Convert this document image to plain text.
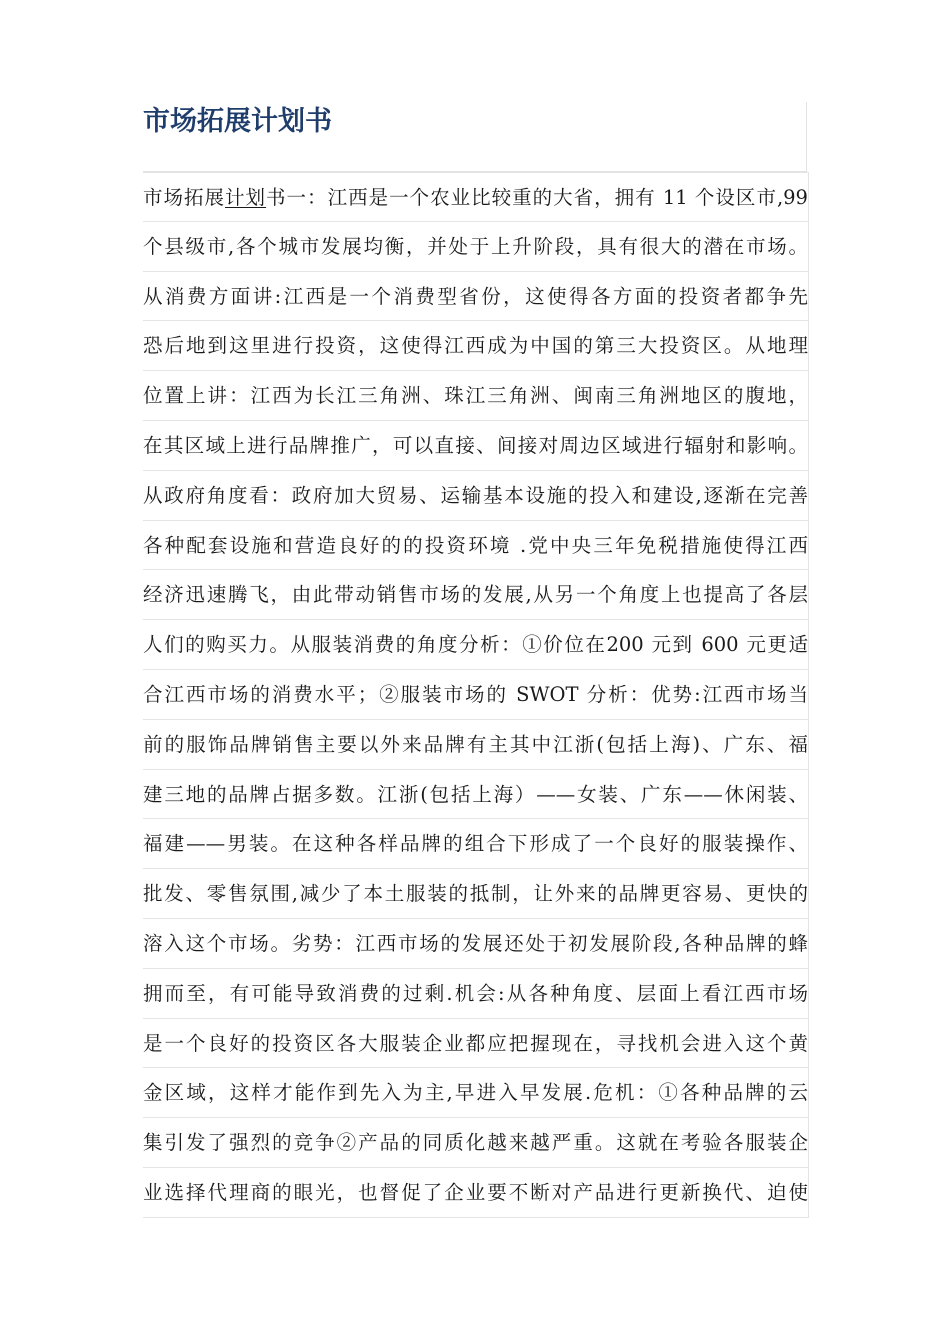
市场拓展计划书
市场拓展计划书一：江西是一个农业比较重的大省，拥有 11 个设区市,99
个县级市,各个城市发展均衡，并处于上升阶段，具有很大的潜在市场。
从消费方面讲:江西是一个消费型省份，这使得各方面的投资者都争先
恐后地到这里进行投资，这使得江西成为中国的第三大投资区。从地理
位置上讲：江西为长江三角洲、珠江三角洲、闽南三角洲地区的腹地，
在其区域上进行品牌推广，可以直接、间接对周边区域进行辐射和影响。
从政府角度看：政府加大贸易、运输基本设施的投入和建设,逐渐在完善
各种配套设施和营造良好的的投资环境 .党中央三年免税措施使得江西
经济迅速腾飞，由此带动销售市场的发展,从另一个角度上也提高了各层
人们的购买力。从服装消费的角度分析：①价位在200 元到 600 元更适
合江西市场的消费水平；②服装市场的 SWOT 分析：优势:江西市场当
前的服饰品牌销售主要以外来品牌有主其中江浙(包括上海)、广东、福
建三地的品牌占据多数。江浙(包括上海）——女装、广东——休闲装、
福建——男装。在这种各样品牌的组合下形成了一个良好的服装操作、
批发、零售氛围,减少了本土服装的抵制，让外来的品牌更容易、更快的
溶入这个市场。劣势：江西市场的发展还处于初发展阶段,各种品牌的蜂
拥而至，有可能导致消费的过剩.机会:从各种角度、层面上看江西市场
是一个良好的投资区各大服装企业都应把握现在，寻找机会进入这个黄
金区域，这样才能作到先入为主,早进入早发展.危机：①各种品牌的云
集引发了强烈的竞争②产品的同质化越来越严重。这就在考验各服装企
业选择代理商的眼光，也督促了企业要不断对产品进行更新换代、迫使
